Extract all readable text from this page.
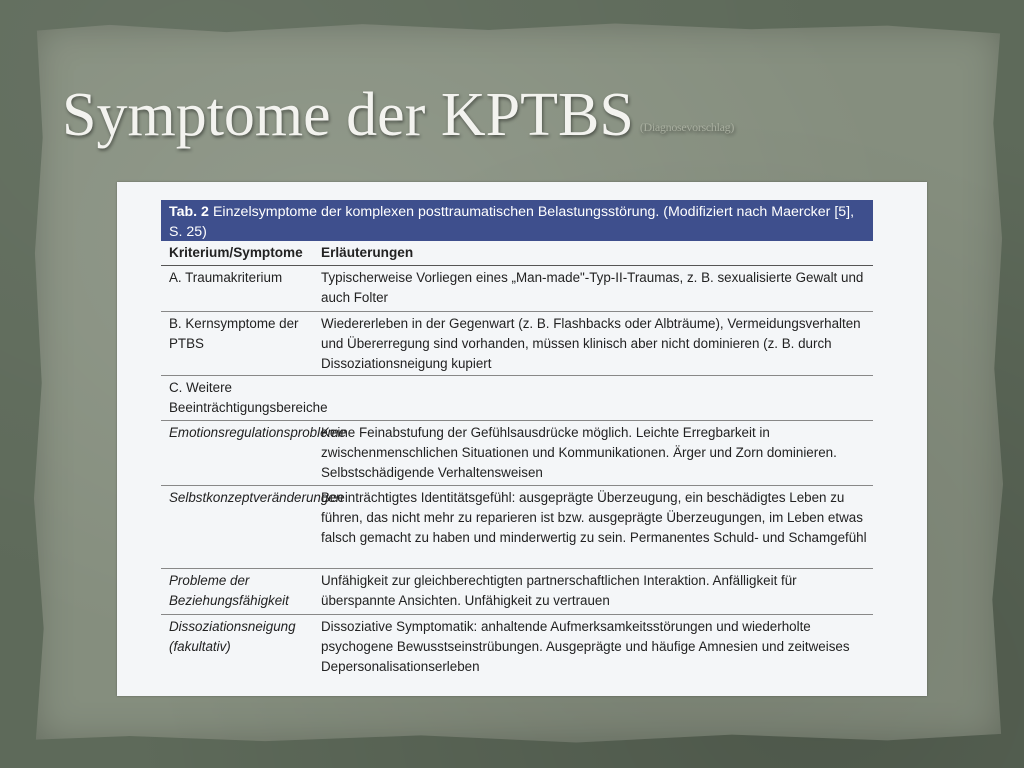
Symptome der KPTBS (Diagnosevorschlag)
Tab. 2 Einzelsymptome der komplexen posttraumatischen Belastungsstörung. (Modifiziert nach Maercker [5], S. 25)
Kriterium/Symptome	Erläuterungen
A. Traumakriterium	Typischerweise Vorliegen eines „Man-made"-Typ-II-Traumas, z. B. sexualisierte Gewalt und auch Folter
B. Kernsymptome der PTBS
Wiedererleben in der Gegenwart (z. B. Flashbacks oder Albträume), Vermeidungsverhalten und Übererregung sind vorhanden, müssen klinisch aber nicht dominieren (z. B. durch Dissoziationsneigung kupiert
C. Weitere Beeinträchtigungsbereiche
Emotionsregulationsprobleme
Keine Feinabstufung der Gefühlsausdrücke möglich. Leichte Erregbarkeit in zwischenmenschlichen Situationen und Kommunikationen. Ärger und Zorn dominieren. Selbstschädigende Verhaltensweisen
Selbstkonzeptveränderungen
Beeinträchtigtes Identitätsgefühl: ausgeprägte Überzeugung, ein beschädigtes Leben zu führen, das nicht mehr zu reparieren ist bzw. ausgeprägte Überzeugungen, im Leben etwas falsch gemacht zu haben und minderwertig zu sein. Permanentes Schuld- und Schamgefühl
Probleme der Beziehungsfähigkeit
Unfähigkeit zur gleichberechtigten partnerschaftlichen Interaktion. Anfälligkeit für überspannte Ansichten. Unfähigkeit zu vertrauen
Dissoziationsneigung (fakultativ)
Dissoziative Symptomatik: anhaltende Aufmerksamkeitsstörungen und wiederholte psychogene Bewusstseinstrübungen. Ausgeprägte und häufige Amnesien und zeitweises Depersonalisationserleben
